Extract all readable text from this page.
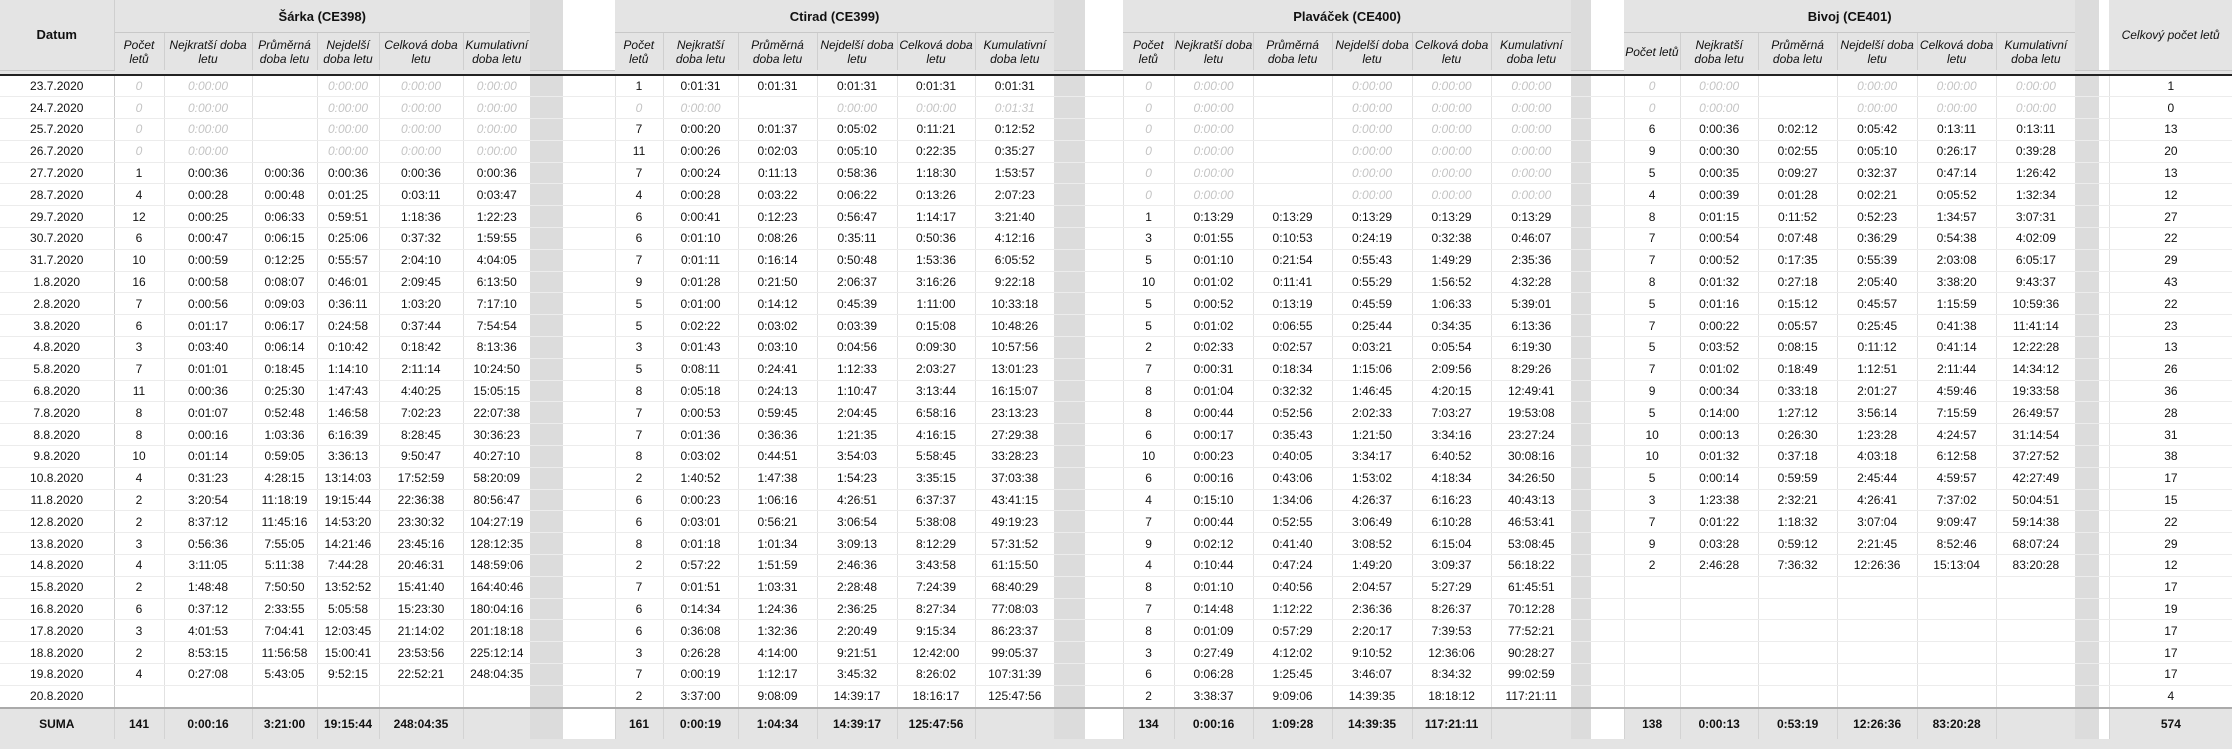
Datum	Šárka (CE398)								Ctirad (CE399)								Plaváček (CE400)								Bivoj (CE401)								Celkový počet letů
	Počet letů	Nejkratší doba letu	Průměrná doba letu	Nejdelší doba letu	Celková doba letu	Kumulativní doba letu			Počet letů	Nejkratší doba letu	Průměrná doba letu	Nejdelší doba letu	Celková doba letu	Kumulativní doba letu			Počet letů	Nejkratší doba letu	Průměrná doba letu	Nejdelší doba letu	Celková doba letu	Kumulativní doba letu			Počet letů	Nejkratší doba letu	Průměrná doba letu	Nejdelší doba letu	Celková doba letu	Kumulativní doba letu			

23.7.2020	0	0:00:00		0:00:00	0:00:00	0:00:00			1	0:01:31	0:01:31	0:01:31	0:01:31	0:01:31			0	0:00:00		0:00:00	0:00:00	0:00:00			0	0:00:00		0:00:00	0:00:00	0:00:00			1
24.7.2020	0	0:00:00		0:00:00	0:00:00	0:00:00			0	0:00:00		0:00:00	0:00:00	0:01:31			0	0:00:00		0:00:00	0:00:00	0:00:00			0	0:00:00		0:00:00	0:00:00	0:00:00			0
25.7.2020	0	0:00:00		0:00:00	0:00:00	0:00:00			7	0:00:20	0:01:37	0:05:02	0:11:21	0:12:52			0	0:00:00		0:00:00	0:00:00	0:00:00			6	0:00:36	0:02:12	0:05:42	0:13:11	0:13:11			13
26.7.2020	0	0:00:00		0:00:00	0:00:00	0:00:00			11	0:00:26	0:02:03	0:05:10	0:22:35	0:35:27			0	0:00:00		0:00:00	0:00:00	0:00:00			9	0:00:30	0:02:55	0:05:10	0:26:17	0:39:28			20
27.7.2020	1	0:00:36	0:00:36	0:00:36	0:00:36	0:00:36			7	0:00:24	0:11:13	0:58:36	1:18:30	1:53:57			0	0:00:00		0:00:00	0:00:00	0:00:00			5	0:00:35	0:09:27	0:32:37	0:47:14	1:26:42			13
28.7.2020	4	0:00:28	0:00:48	0:01:25	0:03:11	0:03:47			4	0:00:28	0:03:22	0:06:22	0:13:26	2:07:23			0	0:00:00		0:00:00	0:00:00	0:00:00			4	0:00:39	0:01:28	0:02:21	0:05:52	1:32:34			12
29.7.2020	12	0:00:25	0:06:33	0:59:51	1:18:36	1:22:23			6	0:00:41	0:12:23	0:56:47	1:14:17	3:21:40			1	0:13:29	0:13:29	0:13:29	0:13:29	0:13:29			8	0:01:15	0:11:52	0:52:23	1:34:57	3:07:31			27
30.7.2020	6	0:00:47	0:06:15	0:25:06	0:37:32	1:59:55			6	0:01:10	0:08:26	0:35:11	0:50:36	4:12:16			3	0:01:55	0:10:53	0:24:19	0:32:38	0:46:07			7	0:00:54	0:07:48	0:36:29	0:54:38	4:02:09			22
31.7.2020	10	0:00:59	0:12:25	0:55:57	2:04:10	4:04:05			7	0:01:11	0:16:14	0:50:48	1:53:36	6:05:52			5	0:01:10	0:21:54	0:55:43	1:49:29	2:35:36			7	0:00:52	0:17:35	0:55:39	2:03:08	6:05:17			29
1.8.2020	16	0:00:58	0:08:07	0:46:01	2:09:45	6:13:50			9	0:01:28	0:21:50	2:06:37	3:16:26	9:22:18			10	0:01:02	0:11:41	0:55:29	1:56:52	4:32:28			8	0:01:32	0:27:18	2:05:40	3:38:20	9:43:37			43
2.8.2020	7	0:00:56	0:09:03	0:36:11	1:03:20	7:17:10			5	0:01:00	0:14:12	0:45:39	1:11:00	10:33:18			5	0:00:52	0:13:19	0:45:59	1:06:33	5:39:01			5	0:01:16	0:15:12	0:45:57	1:15:59	10:59:36			22
3.8.2020	6	0:01:17	0:06:17	0:24:58	0:37:44	7:54:54			5	0:02:22	0:03:02	0:03:39	0:15:08	10:48:26			5	0:01:02	0:06:55	0:25:44	0:34:35	6:13:36			7	0:00:22	0:05:57	0:25:45	0:41:38	11:41:14			23
4.8.2020	3	0:03:40	0:06:14	0:10:42	0:18:42	8:13:36			3	0:01:43	0:03:10	0:04:56	0:09:30	10:57:56			2	0:02:33	0:02:57	0:03:21	0:05:54	6:19:30			5	0:03:52	0:08:15	0:11:12	0:41:14	12:22:28			13
5.8.2020	7	0:01:01	0:18:45	1:14:10	2:11:14	10:24:50			5	0:08:11	0:24:41	1:12:33	2:03:27	13:01:23			7	0:00:31	0:18:34	1:15:06	2:09:56	8:29:26			7	0:01:02	0:18:49	1:12:51	2:11:44	14:34:12			26
6.8.2020	11	0:00:36	0:25:30	1:47:43	4:40:25	15:05:15			8	0:05:18	0:24:13	1:10:47	3:13:44	16:15:07			8	0:01:04	0:32:32	1:46:45	4:20:15	12:49:41			9	0:00:34	0:33:18	2:01:27	4:59:46	19:33:58			36
7.8.2020	8	0:01:07	0:52:48	1:46:58	7:02:23	22:07:38			7	0:00:53	0:59:45	2:04:45	6:58:16	23:13:23			8	0:00:44	0:52:56	2:02:33	7:03:27	19:53:08			5	0:14:00	1:27:12	3:56:14	7:15:59	26:49:57			28
8.8.2020	8	0:00:16	1:03:36	6:16:39	8:28:45	30:36:23			7	0:01:36	0:36:36	1:21:35	4:16:15	27:29:38			6	0:00:17	0:35:43	1:21:50	3:34:16	23:27:24			10	0:00:13	0:26:30	1:23:28	4:24:57	31:14:54			31
9.8.2020	10	0:01:14	0:59:05	3:36:13	9:50:47	40:27:10			8	0:03:02	0:44:51	3:54:03	5:58:45	33:28:23			10	0:00:23	0:40:05	3:34:17	6:40:52	30:08:16			10	0:01:32	0:37:18	4:03:18	6:12:58	37:27:52			38
10.8.2020	4	0:31:23	4:28:15	13:14:03	17:52:59	58:20:09			2	1:40:52	1:47:38	1:54:23	3:35:15	37:03:38			6	0:00:16	0:43:06	1:53:02	4:18:34	34:26:50			5	0:00:14	0:59:59	2:45:44	4:59:57	42:27:49			17
11.8.2020	2	3:20:54	11:18:19	19:15:44	22:36:38	80:56:47			6	0:00:23	1:06:16	4:26:51	6:37:37	43:41:15			4	0:15:10	1:34:06	4:26:37	6:16:23	40:43:13			3	1:23:38	2:32:21	4:26:41	7:37:02	50:04:51			15
12.8.2020	2	8:37:12	11:45:16	14:53:20	23:30:32	104:27:19			6	0:03:01	0:56:21	3:06:54	5:38:08	49:19:23			7	0:00:44	0:52:55	3:06:49	6:10:28	46:53:41			7	0:01:22	1:18:32	3:07:04	9:09:47	59:14:38			22
13.8.2020	3	0:56:36	7:55:05	14:21:46	23:45:16	128:12:35			8	0:01:18	1:01:34	3:09:13	8:12:29	57:31:52			9	0:02:12	0:41:40	3:08:52	6:15:04	53:08:45			9	0:03:28	0:59:12	2:21:45	8:52:46	68:07:24			29
14.8.2020	4	3:11:05	5:11:38	7:44:28	20:46:31	148:59:06			2	0:57:22	1:51:59	2:46:36	3:43:58	61:15:50			4	0:10:44	0:47:24	1:49:20	3:09:37	56:18:22			2	2:46:28	7:36:32	12:26:36	15:13:04	83:20:28			12
15.8.2020	2	1:48:48	7:50:50	13:52:52	15:41:40	164:40:46			7	0:01:51	1:03:31	2:28:48	7:24:39	68:40:29			8	0:01:10	0:40:56	2:04:57	5:27:29	61:45:51											17
16.8.2020	6	0:37:12	2:33:55	5:05:58	15:23:30	180:04:16			6	0:14:34	1:24:36	2:36:25	8:27:34	77:08:03			7	0:14:48	1:12:22	2:36:36	8:26:37	70:12:28											19
17.8.2020	3	4:01:53	7:04:41	12:03:45	21:14:02	201:18:18			6	0:36:08	1:32:36	2:20:49	9:15:34	86:23:37			8	0:01:09	0:57:29	2:20:17	7:39:53	77:52:21											17
18.8.2020	2	8:53:15	11:56:58	15:00:41	23:53:56	225:12:14			3	0:26:28	4:14:00	9:21:51	12:42:00	99:05:37			3	0:27:49	4:12:02	9:10:52	12:36:06	90:28:27											17
19.8.2020	4	0:27:08	5:43:05	9:52:15	22:52:21	248:04:35			7	0:00:19	1:12:17	3:45:32	8:26:02	107:31:39			6	0:06:28	1:25:45	3:46:07	8:34:32	99:02:59											17
20.8.2020									2	3:37:00	9:08:09	14:39:17	18:16:17	125:47:56			2	3:38:37	9:09:06	14:39:35	18:18:12	117:21:11											4
SUMA	141	0:00:16	3:21:00	19:15:44	248:04:35				161	0:00:19	1:04:34	14:39:17	125:47:56				134	0:00:16	1:09:28	14:39:35	117:21:11				138	0:00:13	0:53:19	12:26:36	83:20:28				574
